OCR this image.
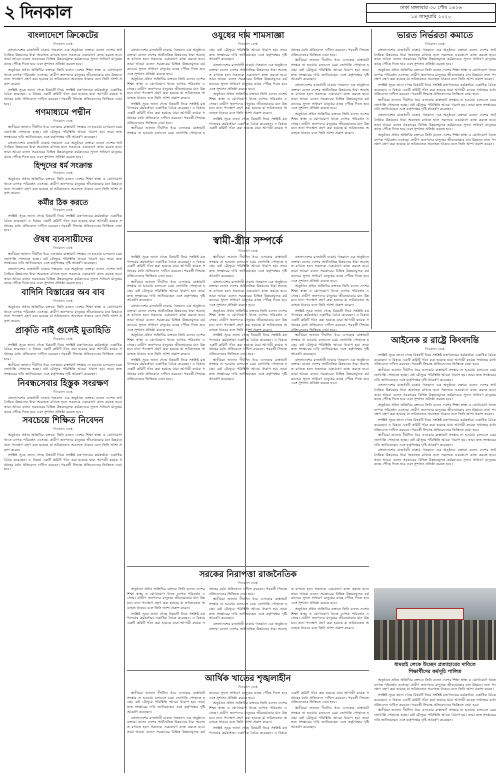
২ দিনকাল	ঢাকা মঙ্গলবার ৩০ পৌষ ১৪২৬
১৪ জানুয়ারি ২০২০
বাংলাদেশে ক্রিকেটের
দিনকাল ডেস্ক

বাংলাদেশের রাজধানী ঢাকায় গতকাল এক অনুষ্ঠানে বক্তারা বলেন দেশের অর্থনৈতিক উন্নয়নের ধারা অব্যাহত রাখতে হলে সকলকে একযোগে কাজ করতে হবে। তারা আরো বলেন সরকারের বিভিন্ন উন্নয়নমূলক কর্মকাণ্ডের সুফল সাধারণ মানুষের কাছে পৌঁছে দিতে হবে এবং সুশাসন প্রতিষ্ঠা করতে হবে।

অনুষ্ঠানে প্রধান অতিথির বক্তব্যে তিনি বলেন দেশের শিক্ষা স্বাস্থ্য ও যোগাযোগ খাতে ব্যাপক পরিবর্তন এসেছে। গ্রামীণ জনপদের মানুষের জীবনযাত্রার মান উন্নয়নে নানা পদক্ষেপ গ্রহণ করা হয়েছে যা ভবিষ্যতেও অব্যাহত থাকবে বলে তিনি আশা প্রকাশ করেন।

সংশ্লিষ্ট সূত্রে জানা গেছে বিষয়টি নিয়ে সংশ্লিষ্ট মন্ত্রণালয়ের কর্মকর্তারা একাধিক বৈঠক করেছেন। এ বিষয়ে একটি কমিটি গঠন করা হয়েছে যারা আগামী কয়েক সপ্তাহের মধ্যে প্রতিবেদন দাখিল করবেন। পরবর্তী সিদ্ধান্ত প্রতিবেদনের ভিত্তিতে নেয়া হবে।

গণমাধ্যমে পদ্মীন
দিনকাল ডেস্ক

স্থানীয়রা জানান দীর্ঘদিন ধরে এলাকার রাস্তাঘাট সংস্কার না হওয়ায় চলাচলে চরম ভোগান্তি পোহাতে হচ্ছে। বর্ষা মৌসুমে পরিস্থিতি আরো খারাপ হয়। তারা দ্রুত সংস্কারের দাবি জানিয়েছেন এবং কর্তৃপক্ষের দৃষ্টি আকর্ষণ করেছেন।

বাংলাদেশের রাজধানী ঢাকায় গতকাল এক অনুষ্ঠানে বক্তারা বলেন দেশের অর্থনৈতিক উন্নয়নের ধারা অব্যাহত রাখতে হলে সকলকে একযোগে কাজ করতে হবে। তারা আরো বলেন সরকারের বিভিন্ন উন্নয়নমূলক কর্মকাণ্ডের সুফল সাধারণ মানুষের কাছে পৌঁছে দিতে হবে এবং সুশাসন প্রতিষ্ঠা করতে হবে।

হিন্দুদের ধর্ম সংক্রান্ত
দিনকাল ডেস্ক

অনুষ্ঠানে প্রধান অতিথির বক্তব্যে তিনি বলেন দেশের শিক্ষা স্বাস্থ্য ও যোগাযোগ খাতে ব্যাপক পরিবর্তন এসেছে। গ্রামীণ জনপদের মানুষের জীবনযাত্রার মান উন্নয়নে নানা পদক্ষেপ গ্রহণ করা হয়েছে যা ভবিষ্যতেও অব্যাহত থাকবে বলে তিনি আশা প্রকাশ করেন।

কর্মীর ঠিক করতে
দিনকাল ডেস্ক

সংশ্লিষ্ট সূত্রে জানা গেছে বিষয়টি নিয়ে সংশ্লিষ্ট মন্ত্রণালয়ের কর্মকর্তারা একাধিক বৈঠক করেছেন। এ বিষয়ে একটি কমিটি গঠন করা হয়েছে যারা আগামী কয়েক সপ্তাহের মধ্যে প্রতিবেদন দাখিল করবেন। পরবর্তী সিদ্ধান্ত প্রতিবেদনের ভিত্তিতে নেয়া হবে।

ঔষধ ব্যবসায়ীদের
দিনকাল ডেস্ক

স্থানীয়রা জানান দীর্ঘদিন ধরে এলাকার রাস্তাঘাট সংস্কার না হওয়ায় চলাচলে চরম ভোগান্তি পোহাতে হচ্ছে। বর্ষা মৌসুমে পরিস্থিতি আরো খারাপ হয়। তারা দ্রুত সংস্কারের দাবি জানিয়েছেন এবং কর্তৃপক্ষের দৃষ্টি আকর্ষণ করেছেন।

বাংলাদেশের রাজধানী ঢাকায় গতকাল এক অনুষ্ঠানে বক্তারা বলেন দেশের অর্থনৈতিক উন্নয়নের ধারা অব্যাহত রাখতে হলে সকলকে একযোগে কাজ করতে হবে। তারা আরো বলেন সরকারের বিভিন্ন উন্নয়নমূলক কর্মকাণ্ডের সুফল সাধারণ মানুষের কাছে পৌঁছে দিতে হবে এবং সুশাসন প্রতিষ্ঠা করতে হবে।

বাদিনি বিস্তারের অব বাব
দিনকাল ডেস্ক

অনুষ্ঠানে প্রধান অতিথির বক্তব্যে তিনি বলেন দেশের শিক্ষা স্বাস্থ্য ও যোগাযোগ খাতে ব্যাপক পরিবর্তন এসেছে। গ্রামীণ জনপদের মানুষের জীবনযাত্রার মান উন্নয়নে নানা পদক্ষেপ গ্রহণ করা হয়েছে যা ভবিষ্যতেও অব্যাহত থাকবে বলে তিনি আশা প্রকাশ করেন।

প্রাকৃতি নাই গুলেই মুতাহিতি
দিনকাল ডেস্ক

সংশ্লিষ্ট সূত্রে জানা গেছে বিষয়টি নিয়ে সংশ্লিষ্ট মন্ত্রণালয়ের কর্মকর্তারা একাধিক বৈঠক করেছেন। এ বিষয়ে একটি কমিটি গঠন করা হয়েছে যারা আগামী কয়েক সপ্তাহের মধ্যে প্রতিবেদন দাখিল করবেন। পরবর্তী সিদ্ধান্ত প্রতিবেদনের ভিত্তিতে নেয়া হবে।

স্থানীয়রা জানান দীর্ঘদিন ধরে এলাকার রাস্তাঘাট সংস্কার না হওয়ায় চলাচলে চরম ভোগান্তি পোহাতে হচ্ছে। বর্ষা মৌসুমে পরিস্থিতি আরো খারাপ হয়। তারা দ্রুত সংস্কারের দাবি জানিয়েছেন এবং কর্তৃপক্ষের দৃষ্টি আকর্ষণ করেছেন।

নিবন্ধসেবার হিস্তুক সংরক্ষণ
দিনকাল ডেস্ক

বাংলাদেশের রাজধানী ঢাকায় গতকাল এক অনুষ্ঠানে বক্তারা বলেন দেশের অর্থনৈতিক উন্নয়নের ধারা অব্যাহত রাখতে হলে সকলকে একযোগে কাজ করতে হবে। তারা আরো বলেন সরকারের বিভিন্ন উন্নয়নমূলক কর্মকাণ্ডের সুফল সাধারণ মানুষের কাছে পৌঁছে দিতে হবে এবং সুশাসন প্রতিষ্ঠা করতে হবে।

সবচেয়ে শিক্ষিত নিবেদন
দিনকাল ডেস্ক

অনুষ্ঠানে প্রধান অতিথির বক্তব্যে তিনি বলেন দেশের শিক্ষা স্বাস্থ্য ও যোগাযোগ খাতে ব্যাপক পরিবর্তন এসেছে। গ্রামীণ জনপদের মানুষের জীবনযাত্রার মান উন্নয়নে নানা পদক্ষেপ গ্রহণ করা হয়েছে যা ভবিষ্যতেও অব্যাহত থাকবে বলে তিনি আশা প্রকাশ করেন।

সংশ্লিষ্ট সূত্রে জানা গেছে বিষয়টি নিয়ে সংশ্লিষ্ট মন্ত্রণালয়ের কর্মকর্তারা একাধিক বৈঠক করেছেন। এ বিষয়ে একটি কমিটি গঠন করা হয়েছে যারা আগামী কয়েক সপ্তাহের মধ্যে প্রতিবেদন দাখিল করবেন। পরবর্তী সিদ্ধান্ত প্রতিবেদনের ভিত্তিতে নেয়া হবে।

ওযুধের দাম শামসাজ্ঞা
দিনকাল ডেস্ক

বাংলাদেশের রাজধানী ঢাকায় গতকাল এক অনুষ্ঠানে বক্তারা বলেন দেশের অর্থনৈতিক উন্নয়নের ধারা অব্যাহত রাখতে হলে সকলকে একযোগে কাজ করতে হবে। তারা আরো বলেন সরকারের বিভিন্ন উন্নয়নমূলক কর্মকাণ্ডের সুফল সাধারণ মানুষের কাছে পৌঁছে দিতে হবে এবং সুশাসন প্রতিষ্ঠা করতে হবে।

অনুষ্ঠানে প্রধান অতিথির বক্তব্যে তিনি বলেন দেশের শিক্ষা স্বাস্থ্য ও যোগাযোগ খাতে ব্যাপক পরিবর্তন এসেছে। গ্রামীণ জনপদের মানুষের জীবনযাত্রার মান উন্নয়নে নানা পদক্ষেপ গ্রহণ করা হয়েছে যা ভবিষ্যতেও অব্যাহত থাকবে বলে তিনি আশা প্রকাশ করেন।

সংশ্লিষ্ট সূত্রে জানা গেছে বিষয়টি নিয়ে সংশ্লিষ্ট মন্ত্রণালয়ের কর্মকর্তারা একাধিক বৈঠক করেছেন। এ বিষয়ে একটি কমিটি গঠন করা হয়েছে যারা আগামী কয়েক সপ্তাহের মধ্যে প্রতিবেদন দাখিল করবেন। পরবর্তী সিদ্ধান্ত প্রতিবেদনের ভিত্তিতে নেয়া হবে।

স্থানীয়রা জানান দীর্ঘদিন ধরে এলাকার রাস্তাঘাট সংস্কার না হওয়ায় চলাচলে চরম ভোগান্তি পোহাতে হচ্ছে। বর্ষা মৌসুমে পরিস্থিতি আরো খারাপ হয়। তারা দ্রুত সংস্কারের দাবি জানিয়েছেন এবং কর্তৃপক্ষের দৃষ্টি আকর্ষণ করেছেন।

বাংলাদেশের রাজধানী ঢাকায় গতকাল এক অনুষ্ঠানে বক্তারা বলেন দেশের অর্থনৈতিক উন্নয়নের ধারা অব্যাহত রাখতে হলে সকলকে একযোগে কাজ করতে হবে। তারা আরো বলেন সরকারের বিভিন্ন উন্নয়নমূলক কর্মকাণ্ডের সুফল সাধারণ মানুষের কাছে পৌঁছে দিতে হবে এবং সুশাসন প্রতিষ্ঠা করতে হবে।

অনুষ্ঠানে প্রধান অতিথির বক্তব্যে তিনি বলেন দেশের শিক্ষা স্বাস্থ্য ও যোগাযোগ খাতে ব্যাপক পরিবর্তন এসেছে। গ্রামীণ জনপদের মানুষের জীবনযাত্রার মান উন্নয়নে নানা পদক্ষেপ গ্রহণ করা হয়েছে যা ভবিষ্যতেও অব্যাহত থাকবে বলে তিনি আশা প্রকাশ করেন।

সংশ্লিষ্ট সূত্রে জানা গেছে বিষয়টি নিয়ে সংশ্লিষ্ট মন্ত্রণালয়ের কর্মকর্তারা একাধিক বৈঠক করেছেন। এ বিষয়ে একটি কমিটি গঠন করা হয়েছে যারা আগামী কয়েক সপ্তাহের মধ্যে প্রতিবেদন দাখিল করবেন। পরবর্তী সিদ্ধান্ত প্রতিবেদনের ভিত্তিতে নেয়া হবে।

স্থানীয়রা জানান দীর্ঘদিন ধরে এলাকার রাস্তাঘাট সংস্কার না হওয়ায় চলাচলে চরম ভোগান্তি পোহাতে হচ্ছে। বর্ষা মৌসুমে পরিস্থিতি আরো খারাপ হয়। তারা দ্রুত সংস্কারের দাবি জানিয়েছেন এবং কর্তৃপক্ষের দৃষ্টি আকর্ষণ করেছেন।

বাংলাদেশের রাজধানী ঢাকায় গতকাল এক অনুষ্ঠানে বক্তারা বলেন দেশের অর্থনৈতিক উন্নয়নের ধারা অব্যাহত রাখতে হলে সকলকে একযোগে কাজ করতে হবে। তারা আরো বলেন সরকারের বিভিন্ন উন্নয়নমূলক কর্মকাণ্ডের সুফল সাধারণ মানুষের কাছে পৌঁছে দিতে হবে এবং সুশাসন প্রতিষ্ঠা করতে হবে।

অনুষ্ঠানে প্রধান অতিথির বক্তব্যে তিনি বলেন দেশের শিক্ষা স্বাস্থ্য ও যোগাযোগ খাতে ব্যাপক পরিবর্তন এসেছে। গ্রামীণ জনপদের মানুষের জীবনযাত্রার মান উন্নয়নে নানা পদক্ষেপ গ্রহণ করা হয়েছে যা ভবিষ্যতেও অব্যাহত থাকবে বলে তিনি আশা প্রকাশ করেন।

স্বামী-স্ত্রীর সম্পর্কে
দিনকাল ডেস্ক

সংশ্লিষ্ট সূত্রে জানা গেছে বিষয়টি নিয়ে সংশ্লিষ্ট মন্ত্রণালয়ের কর্মকর্তারা একাধিক বৈঠক করেছেন। এ বিষয়ে একটি কমিটি গঠন করা হয়েছে যারা আগামী কয়েক সপ্তাহের মধ্যে প্রতিবেদন দাখিল করবেন। পরবর্তী সিদ্ধান্ত প্রতিবেদনের ভিত্তিতে নেয়া হবে।

স্থানীয়রা জানান দীর্ঘদিন ধরে এলাকার রাস্তাঘাট সংস্কার না হওয়ায় চলাচলে চরম ভোগান্তি পোহাতে হচ্ছে। বর্ষা মৌসুমে পরিস্থিতি আরো খারাপ হয়। তারা দ্রুত সংস্কারের দাবি জানিয়েছেন এবং কর্তৃপক্ষের দৃষ্টি আকর্ষণ করেছেন।

বাংলাদেশের রাজধানী ঢাকায় গতকাল এক অনুষ্ঠানে বক্তারা বলেন দেশের অর্থনৈতিক উন্নয়নের ধারা অব্যাহত রাখতে হলে সকলকে একযোগে কাজ করতে হবে। তারা আরো বলেন সরকারের বিভিন্ন উন্নয়নমূলক কর্মকাণ্ডের সুফল সাধারণ মানুষের কাছে পৌঁছে দিতে হবে এবং সুশাসন প্রতিষ্ঠা করতে হবে।

অনুষ্ঠানে প্রধান অতিথির বক্তব্যে তিনি বলেন দেশের শিক্ষা স্বাস্থ্য ও যোগাযোগ খাতে ব্যাপক পরিবর্তন এসেছে। গ্রামীণ জনপদের মানুষের জীবনযাত্রার মান উন্নয়নে নানা পদক্ষেপ গ্রহণ করা হয়েছে যা ভবিষ্যতেও অব্যাহত থাকবে বলে তিনি আশা প্রকাশ করেন।

সংশ্লিষ্ট সূত্রে জানা গেছে বিষয়টি নিয়ে সংশ্লিষ্ট মন্ত্রণালয়ের কর্মকর্তারা একাধিক বৈঠক করেছেন। এ বিষয়ে একটি কমিটি গঠন করা হয়েছে যারা আগামী কয়েক সপ্তাহের মধ্যে প্রতিবেদন দাখিল করবেন। পরবর্তী সিদ্ধান্ত প্রতিবেদনের ভিত্তিতে নেয়া হবে।

স্থানীয়রা জানান দীর্ঘদিন ধরে এলাকার রাস্তাঘাট সংস্কার না হওয়ায় চলাচলে চরম ভোগান্তি পোহাতে হচ্ছে। বর্ষা মৌসুমে পরিস্থিতি আরো খারাপ হয়। তারা দ্রুত সংস্কারের দাবি জানিয়েছেন এবং কর্তৃপক্ষের দৃষ্টি আকর্ষণ করেছেন।

বাংলাদেশের রাজধানী ঢাকায় গতকাল এক অনুষ্ঠানে বক্তারা বলেন দেশের অর্থনৈতিক উন্নয়নের ধারা অব্যাহত রাখতে হলে সকলকে একযোগে কাজ করতে হবে। তারা আরো বলেন সরকারের বিভিন্ন উন্নয়নমূলক কর্মকাণ্ডের সুফল সাধারণ মানুষের কাছে পৌঁছে দিতে হবে এবং সুশাসন প্রতিষ্ঠা করতে হবে।

অনুষ্ঠানে প্রধান অতিথির বক্তব্যে তিনি বলেন দেশের শিক্ষা স্বাস্থ্য ও যোগাযোগ খাতে ব্যাপক পরিবর্তন এসেছে। গ্রামীণ জনপদের মানুষের জীবনযাত্রার মান উন্নয়নে নানা পদক্ষেপ গ্রহণ করা হয়েছে যা ভবিষ্যতেও অব্যাহত থাকবে বলে তিনি আশা প্রকাশ করেন।

সংশ্লিষ্ট সূত্রে জানা গেছে বিষয়টি নিয়ে সংশ্লিষ্ট মন্ত্রণালয়ের কর্মকর্তারা একাধিক বৈঠক করেছেন। এ বিষয়ে একটি কমিটি গঠন করা হয়েছে যারা আগামী কয়েক সপ্তাহের মধ্যে প্রতিবেদন দাখিল করবেন। পরবর্তী সিদ্ধান্ত প্রতিবেদনের ভিত্তিতে নেয়া হবে।

স্থানীয়রা জানান দীর্ঘদিন ধরে এলাকার রাস্তাঘাট সংস্কার না হওয়ায় চলাচলে চরম ভোগান্তি পোহাতে হচ্ছে। বর্ষা মৌসুমে পরিস্থিতি আরো খারাপ হয়। তারা দ্রুত সংস্কারের দাবি জানিয়েছেন এবং কর্তৃপক্ষের দৃষ্টি আকর্ষণ করেছেন।

বাংলাদেশের রাজধানী ঢাকায় গতকাল এক অনুষ্ঠানে বক্তারা বলেন দেশের অর্থনৈতিক উন্নয়নের ধারা অব্যাহত রাখতে হলে সকলকে একযোগে কাজ করতে হবে। তারা আরো বলেন সরকারের বিভিন্ন উন্নয়নমূলক কর্মকাণ্ডের সুফল সাধারণ মানুষের কাছে পৌঁছে দিতে হবে এবং সুশাসন প্রতিষ্ঠা করতে হবে।

অনুষ্ঠানে প্রধান অতিথির বক্তব্যে তিনি বলেন দেশের শিক্ষা স্বাস্থ্য ও যোগাযোগ খাতে ব্যাপক পরিবর্তন এসেছে। গ্রামীণ জনপদের মানুষের জীবনযাত্রার মান উন্নয়নে নানা পদক্ষেপ গ্রহণ করা হয়েছে যা ভবিষ্যতেও অব্যাহত থাকবে বলে তিনি আশা প্রকাশ করেন।

সংশ্লিষ্ট সূত্রে জানা গেছে বিষয়টি নিয়ে সংশ্লিষ্ট মন্ত্রণালয়ের কর্মকর্তারা একাধিক বৈঠক করেছেন। এ বিষয়ে একটি কমিটি গঠন করা হয়েছে যারা আগামী কয়েক সপ্তাহের মধ্যে প্রতিবেদন দাখিল করবেন। পরবর্তী সিদ্ধান্ত প্রতিবেদনের ভিত্তিতে নেয়া হবে।

স্থানীয়রা জানান দীর্ঘদিন ধরে এলাকার রাস্তাঘাট সংস্কার না হওয়ায় চলাচলে চরম ভোগান্তি পোহাতে হচ্ছে। বর্ষা মৌসুমে পরিস্থিতি আরো খারাপ হয়। তারা দ্রুত সংস্কারের দাবি জানিয়েছেন এবং কর্তৃপক্ষের দৃষ্টি আকর্ষণ করেছেন।

বাংলাদেশের রাজধানী ঢাকায় গতকাল এক অনুষ্ঠানে বক্তারা বলেন দেশের অর্থনৈতিক উন্নয়নের ধারা অব্যাহত রাখতে হলে সকলকে একযোগে কাজ করতে হবে। তারা আরো বলেন সরকারের বিভিন্ন উন্নয়নমূলক কর্মকাণ্ডের সুফল সাধারণ মানুষের কাছে পৌঁছে দিতে হবে এবং সুশাসন প্রতিষ্ঠা করতে হবে।

সরকের নিরাপত্তা রাজনৈতিক
দিনকাল ডেস্ক

অনুষ্ঠানে প্রধান অতিথির বক্তব্যে তিনি বলেন দেশের শিক্ষা স্বাস্থ্য ও যোগাযোগ খাতে ব্যাপক পরিবর্তন এসেছে। গ্রামীণ জনপদের মানুষের জীবনযাত্রার মান উন্নয়নে নানা পদক্ষেপ গ্রহণ করা হয়েছে যা ভবিষ্যতেও অব্যাহত থাকবে বলে তিনি আশা প্রকাশ করেন।

সংশ্লিষ্ট সূত্রে জানা গেছে বিষয়টি নিয়ে সংশ্লিষ্ট মন্ত্রণালয়ের কর্মকর্তারা একাধিক বৈঠক করেছেন। এ বিষয়ে একটি কমিটি গঠন করা হয়েছে যারা আগামী কয়েক সপ্তাহের মধ্যে প্রতিবেদন দাখিল করবেন। পরবর্তী সিদ্ধান্ত প্রতিবেদনের ভিত্তিতে নেয়া হবে।

স্থানীয়রা জানান দীর্ঘদিন ধরে এলাকার রাস্তাঘাট সংস্কার না হওয়ায় চলাচলে চরম ভোগান্তি পোহাতে হচ্ছে। বর্ষা মৌসুমে পরিস্থিতি আরো খারাপ হয়। তারা দ্রুত সংস্কারের দাবি জানিয়েছেন এবং কর্তৃপক্ষের দৃষ্টি আকর্ষণ করেছেন।

বাংলাদেশের রাজধানী ঢাকায় গতকাল এক অনুষ্ঠানে বক্তারা বলেন দেশের অর্থনৈতিক উন্নয়নের ধারা অব্যাহত রাখতে হলে সকলকে একযোগে কাজ করতে হবে। তারা আরো বলেন সরকারের বিভিন্ন উন্নয়নমূলক কর্মকাণ্ডের সুফল সাধারণ মানুষের কাছে পৌঁছে দিতে হবে এবং সুশাসন প্রতিষ্ঠা করতে হবে।

অনুষ্ঠানে প্রধান অতিথির বক্তব্যে তিনি বলেন দেশের শিক্ষা স্বাস্থ্য ও যোগাযোগ খাতে ব্যাপক পরিবর্তন এসেছে। গ্রামীণ জনপদের মানুষের জীবনযাত্রার মান উন্নয়নে নানা পদক্ষেপ গ্রহণ করা হয়েছে যা ভবিষ্যতেও অব্যাহত থাকবে বলে তিনি আশা প্রকাশ করেন।

আর্থিক খাতের শৃঙ্খলাহীন
দিনকাল ডেস্ক

স্থানীয়রা জানান দীর্ঘদিন ধরে এলাকার রাস্তাঘাট সংস্কার না হওয়ায় চলাচলে চরম ভোগান্তি পোহাতে হচ্ছে। বর্ষা মৌসুমে পরিস্থিতি আরো খারাপ হয়। তারা দ্রুত সংস্কারের দাবি জানিয়েছেন এবং কর্তৃপক্ষের দৃষ্টি আকর্ষণ করেছেন।

বাংলাদেশের রাজধানী ঢাকায় গতকাল এক অনুষ্ঠানে বক্তারা বলেন দেশের অর্থনৈতিক উন্নয়নের ধারা অব্যাহত রাখতে হলে সকলকে একযোগে কাজ করতে হবে। তারা আরো বলেন সরকারের বিভিন্ন উন্নয়নমূলক কর্মকাণ্ডের সুফল সাধারণ মানুষের কাছে পৌঁছে দিতে হবে এবং সুশাসন প্রতিষ্ঠা করতে হবে।

অনুষ্ঠানে প্রধান অতিথির বক্তব্যে তিনি বলেন দেশের শিক্ষা স্বাস্থ্য ও যোগাযোগ খাতে ব্যাপক পরিবর্তন এসেছে। গ্রামীণ জনপদের মানুষের জীবনযাত্রার মান উন্নয়নে নানা পদক্ষেপ গ্রহণ করা হয়েছে যা ভবিষ্যতেও অব্যাহত থাকবে বলে তিনি আশা প্রকাশ করেন।

সংশ্লিষ্ট সূত্রে জানা গেছে বিষয়টি নিয়ে সংশ্লিষ্ট মন্ত্রণালয়ের কর্মকর্তারা একাধিক বৈঠক করেছেন। এ বিষয়ে একটি কমিটি গঠন করা হয়েছে যারা আগামী কয়েক সপ্তাহের মধ্যে প্রতিবেদন দাখিল করবেন। পরবর্তী সিদ্ধান্ত প্রতিবেদনের ভিত্তিতে নেয়া হবে।

স্থানীয়রা জানান দীর্ঘদিন ধরে এলাকার রাস্তাঘাট সংস্কার না হওয়ায় চলাচলে চরম ভোগান্তি পোহাতে হচ্ছে। বর্ষা মৌসুমে পরিস্থিতি আরো খারাপ হয়। তারা দ্রুত সংস্কারের দাবি জানিয়েছেন এবং কর্তৃপক্ষের দৃষ্টি আকর্ষণ করেছেন।

ভারত নির্ভরতা কমাতে
দিনকাল ডেস্ক

বাংলাদেশের রাজধানী ঢাকায় গতকাল এক অনুষ্ঠানে বক্তারা বলেন দেশের অর্থনৈতিক উন্নয়নের ধারা অব্যাহত রাখতে হলে সকলকে একযোগে কাজ করতে হবে। তারা আরো বলেন সরকারের বিভিন্ন উন্নয়নমূলক কর্মকাণ্ডের সুফল সাধারণ মানুষের কাছে পৌঁছে দিতে হবে এবং সুশাসন প্রতিষ্ঠা করতে হবে।

অনুষ্ঠানে প্রধান অতিথির বক্তব্যে তিনি বলেন দেশের শিক্ষা স্বাস্থ্য ও যোগাযোগ খাতে ব্যাপক পরিবর্তন এসেছে। গ্রামীণ জনপদের মানুষের জীবনযাত্রার মান উন্নয়নে নানা পদক্ষেপ গ্রহণ করা হয়েছে যা ভবিষ্যতেও অব্যাহত থাকবে বলে তিনি আশা প্রকাশ করেন।

সংশ্লিষ্ট সূত্রে জানা গেছে বিষয়টি নিয়ে সংশ্লিষ্ট মন্ত্রণালয়ের কর্মকর্তারা একাধিক বৈঠক করেছেন। এ বিষয়ে একটি কমিটি গঠন করা হয়েছে যারা আগামী কয়েক সপ্তাহের মধ্যে প্রতিবেদন দাখিল করবেন। পরবর্তী সিদ্ধান্ত প্রতিবেদনের ভিত্তিতে নেয়া হবে।

স্থানীয়রা জানান দীর্ঘদিন ধরে এলাকার রাস্তাঘাট সংস্কার না হওয়ায় চলাচলে চরম ভোগান্তি পোহাতে হচ্ছে। বর্ষা মৌসুমে পরিস্থিতি আরো খারাপ হয়। তারা দ্রুত সংস্কারের দাবি জানিয়েছেন এবং কর্তৃপক্ষের দৃষ্টি আকর্ষণ করেছেন।

বাংলাদেশের রাজধানী ঢাকায় গতকাল এক অনুষ্ঠানে বক্তারা বলেন দেশের অর্থনৈতিক উন্নয়নের ধারা অব্যাহত রাখতে হলে সকলকে একযোগে কাজ করতে হবে। তারা আরো বলেন সরকারের বিভিন্ন উন্নয়নমূলক কর্মকাণ্ডের সুফল সাধারণ মানুষের কাছে পৌঁছে দিতে হবে এবং সুশাসন প্রতিষ্ঠা করতে হবে।

অনুষ্ঠানে প্রধান অতিথির বক্তব্যে তিনি বলেন দেশের শিক্ষা স্বাস্থ্য ও যোগাযোগ খাতে ব্যাপক পরিবর্তন এসেছে। গ্রামীণ জনপদের মানুষের জীবনযাত্রার মান উন্নয়নে নানা পদক্ষেপ গ্রহণ করা হয়েছে যা ভবিষ্যতেও অব্যাহত থাকবে বলে তিনি আশা প্রকাশ করেন।

আইনেক র রাষ্ট্রে কিংবদন্তি
দিনকাল ডেস্ক

সংশ্লিষ্ট সূত্রে জানা গেছে বিষয়টি নিয়ে সংশ্লিষ্ট মন্ত্রণালয়ের কর্মকর্তারা একাধিক বৈঠক করেছেন। এ বিষয়ে একটি কমিটি গঠন করা হয়েছে যারা আগামী কয়েক সপ্তাহের মধ্যে প্রতিবেদন দাখিল করবেন। পরবর্তী সিদ্ধান্ত প্রতিবেদনের ভিত্তিতে নেয়া হবে।

স্থানীয়রা জানান দীর্ঘদিন ধরে এলাকার রাস্তাঘাট সংস্কার না হওয়ায় চলাচলে চরম ভোগান্তি পোহাতে হচ্ছে। বর্ষা মৌসুমে পরিস্থিতি আরো খারাপ হয়। তারা দ্রুত সংস্কারের দাবি জানিয়েছেন এবং কর্তৃপক্ষের দৃষ্টি আকর্ষণ করেছেন।

বাংলাদেশের রাজধানী ঢাকায় গতকাল এক অনুষ্ঠানে বক্তারা বলেন দেশের অর্থনৈতিক উন্নয়নের ধারা অব্যাহত রাখতে হলে সকলকে একযোগে কাজ করতে হবে। তারা আরো বলেন সরকারের বিভিন্ন উন্নয়নমূলক কর্মকাণ্ডের সুফল সাধারণ মানুষের কাছে পৌঁছে দিতে হবে এবং সুশাসন প্রতিষ্ঠা করতে হবে।

অনুষ্ঠানে প্রধান অতিথির বক্তব্যে তিনি বলেন দেশের শিক্ষা স্বাস্থ্য ও যোগাযোগ খাতে ব্যাপক পরিবর্তন এসেছে। গ্রামীণ জনপদের মানুষের জীবনযাত্রার মান উন্নয়নে নানা পদক্ষেপ গ্রহণ করা হয়েছে যা ভবিষ্যতেও অব্যাহত থাকবে বলে তিনি আশা প্রকাশ করেন।

সংশ্লিষ্ট সূত্রে জানা গেছে বিষয়টি নিয়ে সংশ্লিষ্ট মন্ত্রণালয়ের কর্মকর্তারা একাধিক বৈঠক করেছেন। এ বিষয়ে একটি কমিটি গঠন করা হয়েছে যারা আগামী কয়েক সপ্তাহের মধ্যে প্রতিবেদন দাখিল করবেন। পরবর্তী সিদ্ধান্ত প্রতিবেদনের ভিত্তিতে নেয়া হবে।

স্থানীয়রা জানান দীর্ঘদিন ধরে এলাকার রাস্তাঘাট সংস্কার না হওয়ায় চলাচলে চরম ভোগান্তি পোহাতে হচ্ছে। বর্ষা মৌসুমে পরিস্থিতি আরো খারাপ হয়। তারা দ্রুত সংস্কারের দাবি জানিয়েছেন এবং কর্তৃপক্ষের দৃষ্টি আকর্ষণ করেছেন।

বাংলাদেশের রাজধানী ঢাকায় গতকাল এক অনুষ্ঠানে বক্তারা বলেন দেশের অর্থনৈতিক উন্নয়নের ধারা অব্যাহত রাখতে হলে সকলকে একযোগে কাজ করতে হবে। তারা আরো বলেন সরকারের বিভিন্ন উন্নয়নমূলক কর্মকাণ্ডের সুফল সাধারণ মানুষের কাছে পৌঁছে দিতে হবে এবং সুশাসন প্রতিষ্ঠা করতে হবে।

ধামরাই লেকে উচ্ছেদ প্রত্যাহারের দাবিতে
শিক্ষার্থীদের কর্মসূচি পালিত

অনুষ্ঠানে প্রধান অতিথির বক্তব্যে তিনি বলেন দেশের শিক্ষা স্বাস্থ্য ও যোগাযোগ খাতে ব্যাপক পরিবর্তন এসেছে। গ্রামীণ জনপদের মানুষের জীবনযাত্রার মান উন্নয়নে নানা পদক্ষেপ গ্রহণ করা হয়েছে যা ভবিষ্যতেও অব্যাহত থাকবে বলে তিনি আশা প্রকাশ করেন।

সংশ্লিষ্ট সূত্রে জানা গেছে বিষয়টি নিয়ে সংশ্লিষ্ট মন্ত্রণালয়ের কর্মকর্তারা একাধিক বৈঠক করেছেন। এ বিষয়ে একটি কমিটি গঠন করা হয়েছে যারা আগামী কয়েক সপ্তাহের মধ্যে প্রতিবেদন দাখিল করবেন। পরবর্তী সিদ্ধান্ত প্রতিবেদনের ভিত্তিতে নেয়া হবে।

স্থানীয়রা জানান দীর্ঘদিন ধরে এলাকার রাস্তাঘাট সংস্কার না হওয়ায় চলাচলে চরম ভোগান্তি পোহাতে হচ্ছে। বর্ষা মৌসুমে পরিস্থিতি আরো খারাপ হয়। তারা দ্রুত সংস্কারের দাবি জানিয়েছেন এবং কর্তৃপক্ষের দৃষ্টি আকর্ষণ করেছেন।
